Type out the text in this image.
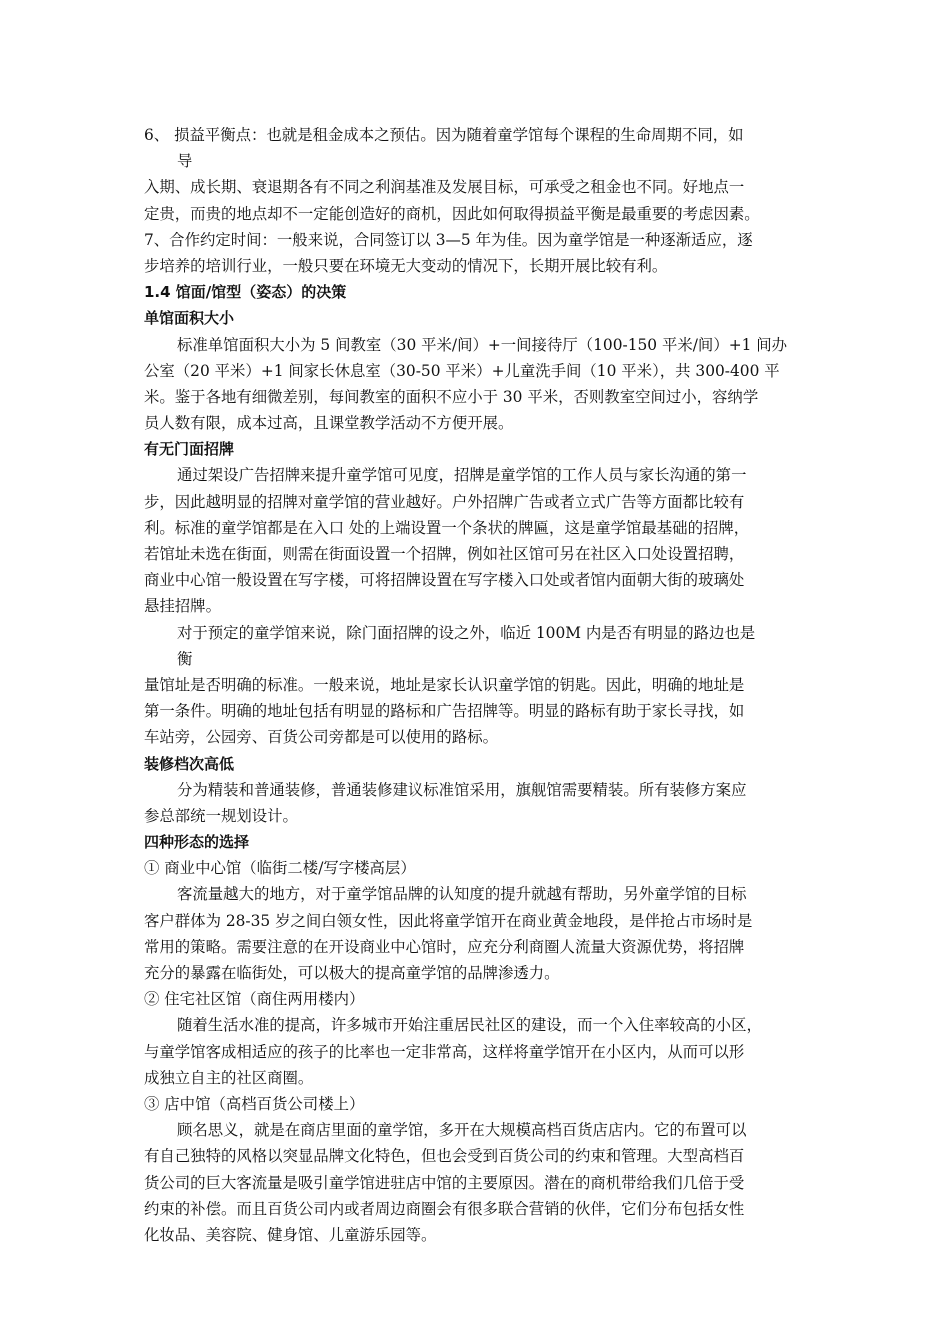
6、 损益平衡点：也就是租金成本之预估。因为随着童学馆每个课程的生命周期不同，如
导
入期、成长期、衰退期各有不同之利润基准及发展目标，可承受之租金也不同。好地点一
定贵，而贵的地点却不一定能创造好的商机，因此如何取得损益平衡是最重要的考虑因素。
7、合作约定时间：一般来说，合同签订以 3—5 年为佳。因为童学馆是一种逐渐适应，逐
步培养的培训行业，一般只要在环境无大变动的情况下，长期开展比较有利。
1.4 馆面/馆型（姿态）的决策
单馆面积大小
标准单馆面积大小为 5 间教室（30 平米/间）+一间接待厅（100-150 平米/间）+1 间办
公室（20 平米）+1 间家长休息室（30-50 平米）+儿童洗手间（10 平米），共 300-400 平
米。鉴于各地有细微差别，每间教室的面积不应小于 30 平米，否则教室空间过小，容纳学
员人数有限，成本过高，且课堂教学活动不方便开展。
有无门面招牌
通过架设广告招牌来提升童学馆可见度，招牌是童学馆的工作人员与家长沟通的第一
步，因此越明显的招牌对童学馆的营业越好。户外招牌广告或者立式广告等方面都比较有
利。标准的童学馆都是在入口 处的上端设置一个条状的牌匾，这是童学馆最基础的招牌，
若馆址未选在街面，则需在街面设置一个招牌，例如社区馆可另在社区入口处设置招聘，
商业中心馆一般设置在写字楼，可将招牌设置在写字楼入口处或者馆内面朝大街的玻璃处
悬挂招牌。
对于预定的童学馆来说，除门面招牌的设之外，临近 100M 内是否有明显的路边也是
衡
量馆址是否明确的标准。一般来说，地址是家长认识童学馆的钥匙。因此，明确的地址是
第一条件。明确的地址包括有明显的路标和广告招牌等。明显的路标有助于家长寻找，如
车站旁，公园旁、百货公司旁都是可以使用的路标。
装修档次高低
分为精装和普通装修，普通装修建议标准馆采用，旗舰馆需要精装。所有装修方案应
参总部统一规划设计。
四种形态的选择
① 商业中心馆（临街二楼/写字楼高层）
客流量越大的地方，对于童学馆品牌的认知度的提升就越有帮助，另外童学馆的目标
客户群体为 28-35 岁之间白领女性，因此将童学馆开在商业黄金地段，是伴抢占市场时是
常用的策略。需要注意的在开设商业中心馆时，应充分利商圈人流量大资源优势，将招牌
充分的暴露在临街处，可以极大的提高童学馆的品牌渗透力。
② 住宅社区馆（商住两用楼内）
随着生活水准的提高，许多城市开始注重居民社区的建设，而一个入住率较高的小区，
与童学馆客成相适应的孩子的比率也一定非常高，这样将童学馆开在小区内，从而可以形
成独立自主的社区商圈。
③ 店中馆（高档百货公司楼上）
顾名思义，就是在商店里面的童学馆，多开在大规模高档百货店店内。它的布置可以
有自己独特的风格以突显品牌文化特色，但也会受到百货公司的约束和管理。大型高档百
货公司的巨大客流量是吸引童学馆进驻店中馆的主要原因。潜在的商机带给我们几倍于受
约束的补偿。而且百货公司内或者周边商圈会有很多联合营销的伙伴，它们分布包括女性
化妆品、美容院、健身馆、儿童游乐园等。
